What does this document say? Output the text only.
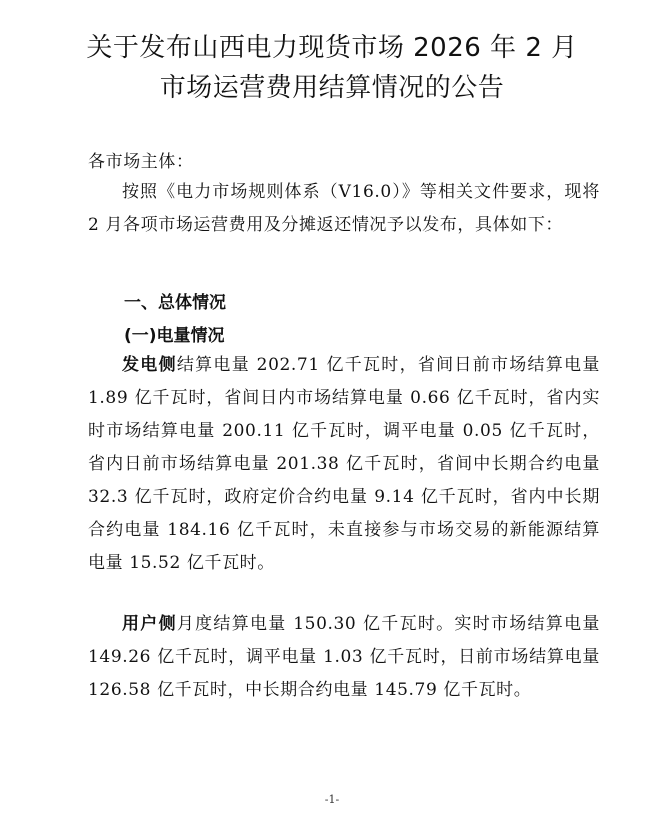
关于发布山西电力现货市场 2026 年 2 月
市场运营费用结算情况的公告
各市场主体：
按照《电力市场规则体系（V16.0）》等相关文件要求，现将 2 月各项市场运营费用及分摊返还情况予以发布，具体如下：
一、总体情况
(一)电量情况
发电侧结算电量 202.71 亿千瓦时，省间日前市场结算电量 1.89 亿千瓦时，省间日内市场结算电量 0.66 亿千瓦时，省内实时市场结算电量 200.11 亿千瓦时，调平电量 0.05 亿千瓦时，省内日前市场结算电量 201.38 亿千瓦时，省间中长期合约电量 32.3 亿千瓦时，政府定价合约电量 9.14 亿千瓦时，省内中长期合约电量 184.16 亿千瓦时，未直接参与市场交易的新能源结算电量 15.52 亿千瓦时。
用户侧月度结算电量 150.30 亿千瓦时。实时市场结算电量 149.26 亿千瓦时，调平电量 1.03 亿千瓦时，日前市场结算电量 126.58 亿千瓦时，中长期合约电量 145.79 亿千瓦时。
-1-
